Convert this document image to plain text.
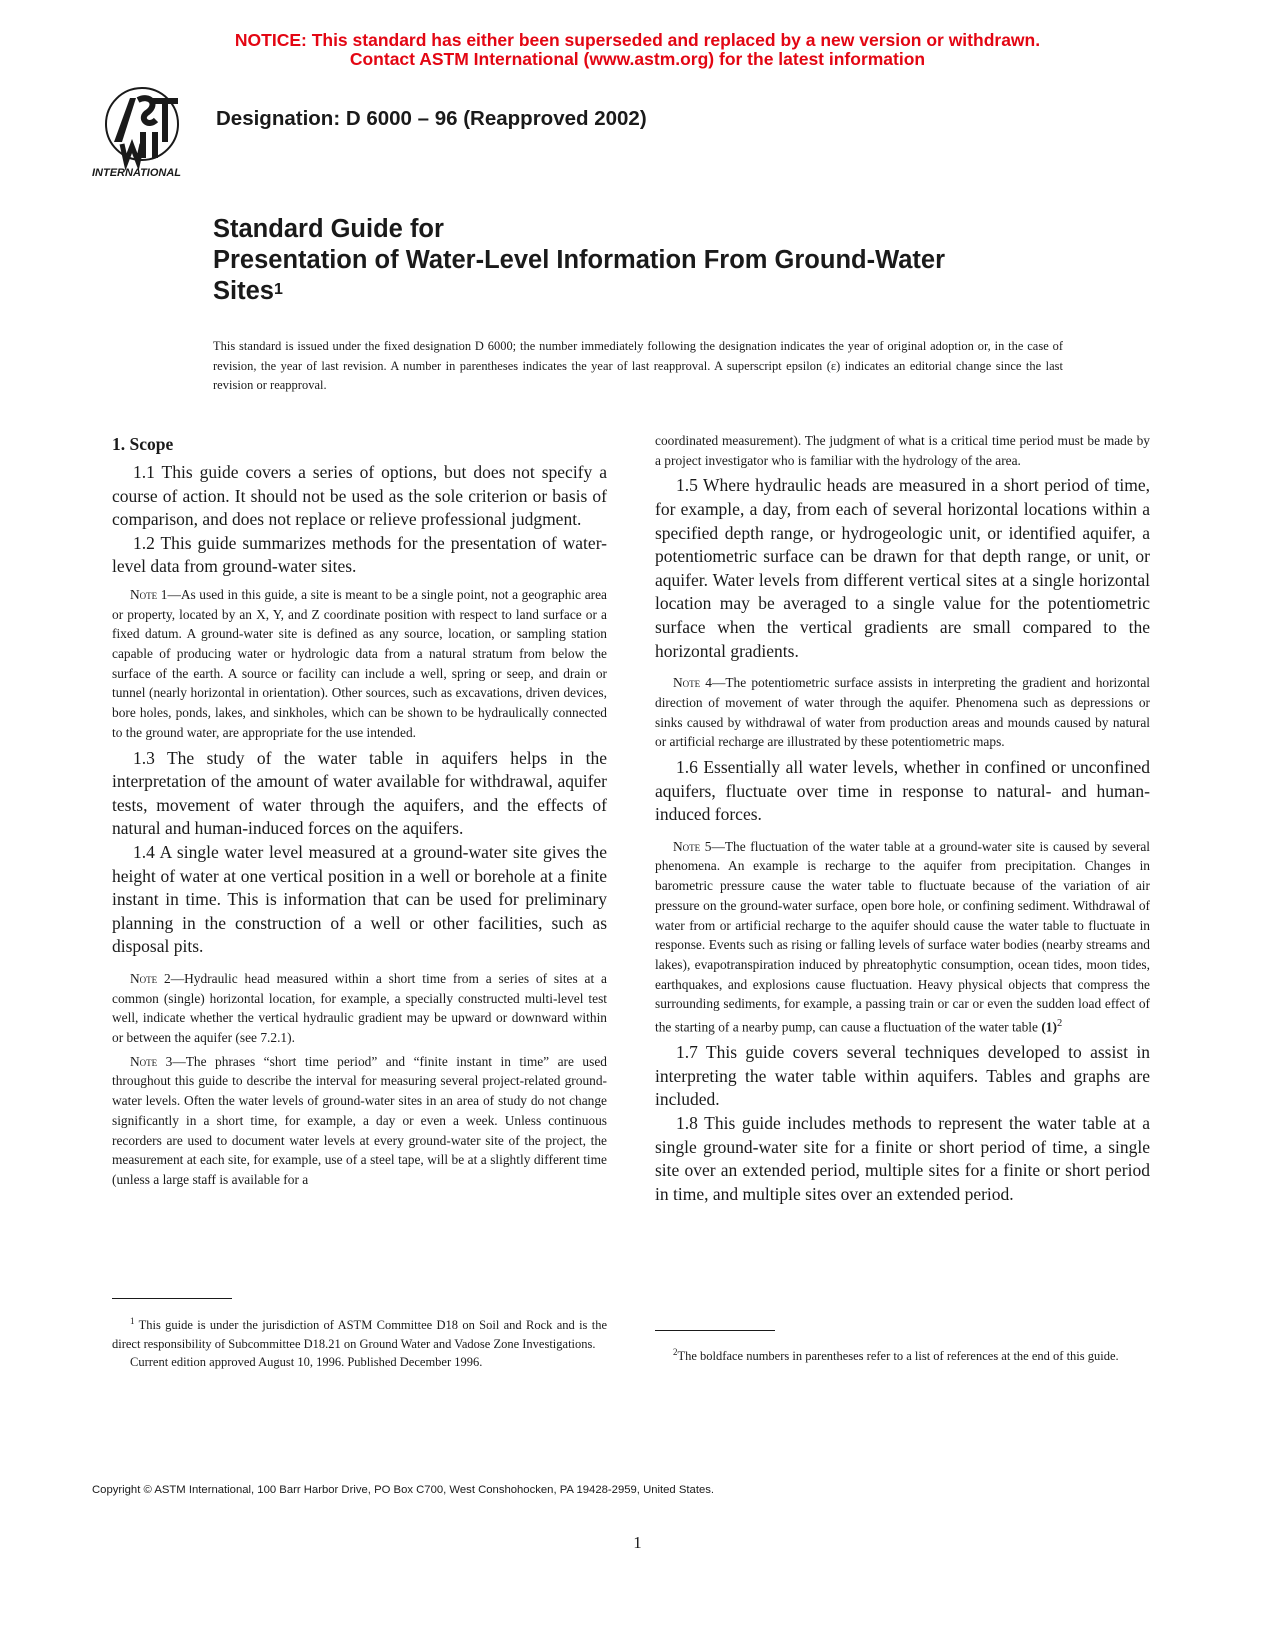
NOTICE: This standard has either been superseded and replaced by a new version or withdrawn.
Contact ASTM International (www.astm.org) for the latest information
INTERNATIONAL
Designation: D 6000 – 96 (Reapproved 2002)
Standard Guide for
Presentation of Water-Level Information From Ground-Water
Sites$^1$
This standard is issued under the fixed designation D 6000; the number immediately following the designation indicates the year of original adoption or, in the case of revision, the year of last revision. A number in parentheses indicates the year of last reapproval. A superscript epsilon (ε) indicates an editorial change since the last revision or reapproval.

1. Scope

1.1 This guide covers a series of options, but does not specify a course of action. It should not be used as the sole criterion or basis of comparison, and does not replace or relieve professional judgment.

1.2 This guide summarizes methods for the presentation of water-level data from ground-water sites.

Note 1—As used in this guide, a site is meant to be a single point, not a geographic area or property, located by an X, Y, and Z coordinate position with respect to land surface or a fixed datum. A ground-water site is defined as any source, location, or sampling station capable of producing water or hydrologic data from a natural stratum from below the surface of the earth. A source or facility can include a well, spring or seep, and drain or tunnel (nearly horizontal in orientation). Other sources, such as excavations, driven devices, bore holes, ponds, lakes, and sinkholes, which can be shown to be hydraulically connected to the ground water, are appropriate for the use intended.

1.3 The study of the water table in aquifers helps in the interpretation of the amount of water available for withdrawal, aquifer tests, movement of water through the aquifers, and the effects of natural and human-induced forces on the aquifers.

1.4 A single water level measured at a ground-water site gives the height of water at one vertical position in a well or borehole at a finite instant in time. This is information that can be used for preliminary planning in the construction of a well or other facilities, such as disposal pits.

Note 2—Hydraulic head measured within a short time from a series of sites at a common (single) horizontal location, for example, a specially constructed multi-level test well, indicate whether the vertical hydraulic gradient may be upward or downward within or between the aquifer (see 7.2.1).

Note 3—The phrases “short time period” and “finite instant in time” are used throughout this guide to describe the interval for measuring several project-related ground-water levels. Often the water levels of ground-water sites in an area of study do not change significantly in a short time, for example, a day or even a week. Unless continuous recorders are used to document water levels at every ground-water site of the project, the measurement at each site, for example, use of a steel tape, will be at a slightly different time (unless a large staff is available for a

coordinated measurement). The judgment of what is a critical time period must be made by a project investigator who is familiar with the hydrology of the area.

1.5 Where hydraulic heads are measured in a short period of time, for example, a day, from each of several horizontal locations within a specified depth range, or hydrogeologic unit, or identified aquifer, a potentiometric surface can be drawn for that depth range, or unit, or aquifer. Water levels from different vertical sites at a single horizontal location may be averaged to a single value for the potentiometric surface when the vertical gradients are small compared to the horizontal gradients.

Note 4—The potentiometric surface assists in interpreting the gradient and horizontal direction of movement of water through the aquifer. Phenomena such as depressions or sinks caused by withdrawal of water from production areas and mounds caused by natural or artificial recharge are illustrated by these potentiometric maps.

1.6 Essentially all water levels, whether in confined or unconfined aquifers, fluctuate over time in response to natural- and human-induced forces.

Note 5—The fluctuation of the water table at a ground-water site is caused by several phenomena. An example is recharge to the aquifer from precipitation. Changes in barometric pressure cause the water table to fluctuate because of the variation of air pressure on the ground-water surface, open bore hole, or confining sediment. Withdrawal of water from or artificial recharge to the aquifer should cause the water table to fluctuate in response. Events such as rising or falling levels of surface water bodies (nearby streams and lakes), evapotranspiration induced by phreatophytic consumption, ocean tides, moon tides, earthquakes, and explosions cause fluctuation. Heavy physical objects that compress the surrounding sediments, for example, a passing train or car or even the sudden load effect of the starting of a nearby pump, can cause a fluctuation of the water table (1)$^2$

1.7 This guide covers several techniques developed to assist in interpreting the water table within aquifers. Tables and graphs are included.

1.8 This guide includes methods to represent the water table at a single ground-water site for a finite or short period of time, a single site over an extended period, multiple sites for a finite or short period in time, and multiple sites over an extended period.

$^1$ This guide is under the jurisdiction of ASTM Committee D18 on Soil and Rock and is the direct responsibility of Subcommittee D18.21 on Ground Water and Vadose Zone Investigations.

Current edition approved August 10, 1996. Published December 1996.

$^2$The boldface numbers in parentheses refer to a list of references at the end of this guide.

Copyright © ASTM International, 100 Barr Harbor Drive, PO Box C700, West Conshohocken, PA 19428-2959, United States.
1
